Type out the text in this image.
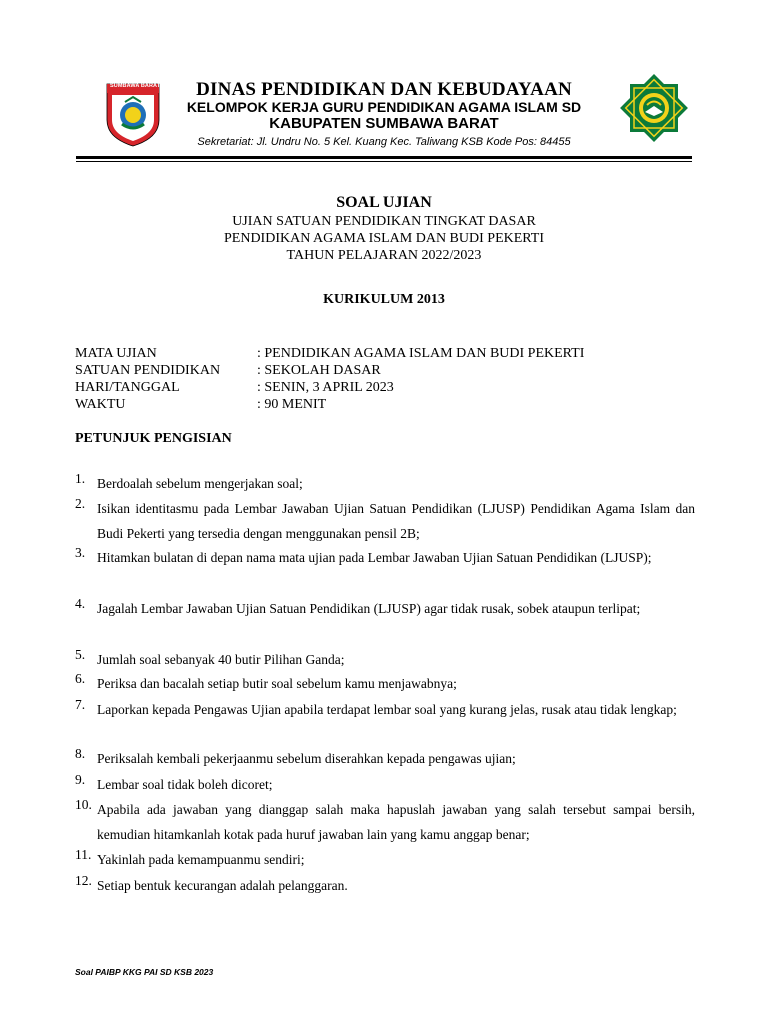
SUMBAWA BARAT	DINAS PENDIDIKAN DAN KEBUDAYAAN
KELOMPOK KERJA GURU PENDIDIKAN AGAMA ISLAM SD
KABUPATEN SUMBAWA BARAT
Sekretariat: Jl. Undru No. 5 Kel. Kuang Kec. Taliwang KSB Kode Pos: 84455
SOAL UJIAN
UJIAN SATUAN PENDIDIKAN TINGKAT DASAR
PENDIDIKAN AGAMA ISLAM DAN BUDI PEKERTI
TAHUN PELAJARAN 2022/2023
KURIKULUM 2013
MATA UJIAN	: PENDIDIKAN AGAMA ISLAM DAN BUDI PEKERTI
SATUAN PENDIDIKAN	: SEKOLAH DASAR
HARI/TANGGAL	: SENIN, 3 APRIL 2023
WAKTU	: 90 MENIT
PETUNJUK PENGISIAN
1. Berdoalah sebelum mengerjakan soal;
2. Isikan identitasmu pada Lembar Jawaban Ujian Satuan Pendidikan (LJUSP) Pendidikan Agama Islam dan Budi Pekerti yang tersedia dengan menggunakan pensil 2B;
3. Hitamkan bulatan di depan nama mata ujian pada Lembar Jawaban Ujian Satuan Pendidikan (LJUSP);
4. Jagalah Lembar Jawaban Ujian Satuan Pendidikan (LJUSP) agar tidak rusak, sobek ataupun terlipat;
5. Jumlah soal sebanyak 40 butir Pilihan Ganda;
6. Periksa dan bacalah setiap butir soal sebelum kamu menjawabnya;
7. Laporkan kepada Pengawas Ujian apabila terdapat lembar soal yang kurang jelas, rusak atau tidak lengkap;
8. Periksalah kembali pekerjaanmu sebelum diserahkan kepada pengawas ujian;
9. Lembar soal tidak boleh dicoret;
10. Apabila ada jawaban yang dianggap salah maka hapuslah jawaban yang salah tersebut sampai bersih, kemudian hitamkanlah kotak pada huruf jawaban lain yang kamu anggap benar;
11. Yakinlah pada kemampuanmu sendiri;
12. Setiap bentuk kecurangan adalah pelanggaran.
Soal PAIBP KKG PAI SD KSB 2023
